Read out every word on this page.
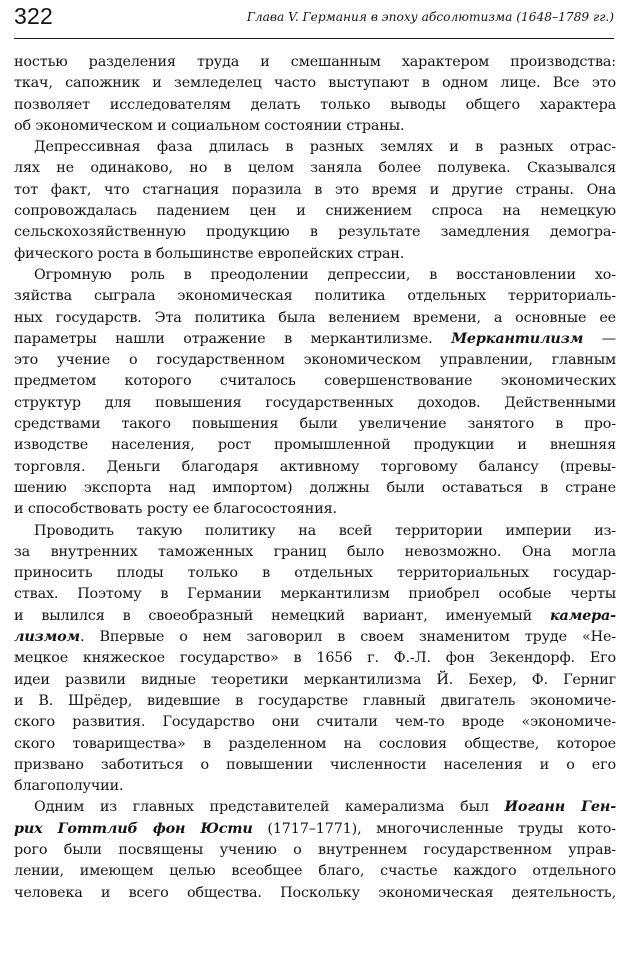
322	Глава V. Германия в эпоху абсолютизма (1648–1789 гг.)
ностью разделения труда и смешанным характером производства:
ткач, сапожник и земледелец часто выступают в одном лице. Все это
позволяет исследователям делать только выводы общего характера
об экономическом и социальном состоянии страны.
Депрессивная фаза длилась в разных землях и в разных отрас-
лях не одинаково, но в целом заняла более полувека. Сказывался
тот факт, что стагнация поразила в это время и другие страны. Она
сопровождалась падением цен и снижением спроса на немецкую
сельскохозяйственную продукцию в результате замедления демогра-
фического роста в большинстве европейских стран.
Огромную роль в преодолении депрессии, в восстановлении хо-
зяйства сыграла экономическая политика отдельных территориаль-
ных государств. Эта политика была велением времени, а основные ее
параметры нашли отражение в меркантилизме. Меркантилизм —
это учение о государственном экономическом управлении, главным
предметом которого считалось совершенствование экономических
структур для повышения государственных доходов. Действенными
средствами такого повышения были увеличение занятого в про-
изводстве населения, рост промышленной продукции и внешняя
торговля. Деньги благодаря активному торговому балансу (превы-
шению экспорта над импортом) должны были оставаться в стране
и способствовать росту ее благосостояния.
Проводить такую политику на всей территории империи из-
за внутренних таможенных границ было невозможно. Она могла
приносить плоды только в отдельных территориальных государ-
ствах. Поэтому в Германии меркантилизм приобрел особые черты
и вылился в своеобразный немецкий вариант, именуемый камера-
лизмом. Впервые о нем заговорил в своем знаменитом труде «Не-
мецкое княжеское государство» в 1656 г. Ф.-Л. фон Зекендорф. Его
идеи развили видные теоретики меркантилизма Й. Бехер, Ф. Герниг
и В. Шрёдер, видевшие в государстве главный двигатель экономиче-
ского развития. Государство они считали чем-то вроде «экономиче-
ского товарищества» в разделенном на сословия обществе, которое
призвано заботиться о повышении численности населения и о его
благополучии.
Одним из главных представителей камерализма был Иоганн Ген-
рих Готтлиб фон Юсти (1717–1771), многочисленные труды кото-
рого были посвящены учению о внутреннем государственном управ-
лении, имеющем целью всеобщее благо, счастье каждого отдельного
человека и всего общества. Поскольку экономическая деятельность,
